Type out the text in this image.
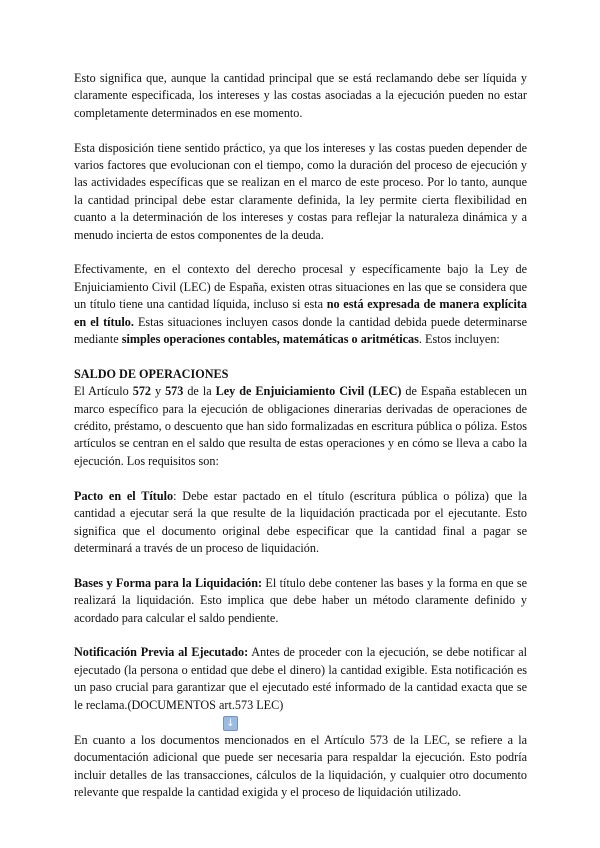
Esto significa que, aunque la cantidad principal que se está reclamando debe ser líquida y claramente especificada, los intereses y las costas asociadas a la ejecución pueden no estar completamente determinados en ese momento.

Esta disposición tiene sentido práctico, ya que los intereses y las costas pueden depender de varios factores que evolucionan con el tiempo, como la duración del proceso de ejecución y las actividades específicas que se realizan en el marco de este proceso. Por lo tanto, aunque la cantidad principal debe estar claramente definida, la ley permite cierta flexibilidad en cuanto a la determinación de los intereses y costas para reflejar la naturaleza dinámica y a menudo incierta de estos componentes de la deuda.

Efectivamente, en el contexto del derecho procesal y específicamente bajo la Ley de Enjuiciamiento Civil (LEC) de España, existen otras situaciones en las que se considera que un título tiene una cantidad líquida, incluso si esta no está expresada de manera explícita en el título. Estas situaciones incluyen casos donde la cantidad debida puede determinarse mediante simples operaciones contables, matemáticas o aritméticas. Estos incluyen:

SALDO DE OPERACIONES

El Artículo 572 y 573 de la Ley de Enjuiciamiento Civil (LEC) de España establecen un marco específico para la ejecución de obligaciones dinerarias derivadas de operaciones de crédito, préstamo, o descuento que han sido formalizadas en escritura pública o póliza. Estos artículos se centran en el saldo que resulta de estas operaciones y en cómo se lleva a cabo la ejecución. Los requisitos son:

Pacto en el Título: Debe estar pactado en el título (escritura pública o póliza) que la cantidad a ejecutar será la que resulte de la liquidación practicada por el ejecutante. Esto significa que el documento original debe especificar que la cantidad final a pagar se determinará a través de un proceso de liquidación.

Bases y Forma para la Liquidación: El título debe contener las bases y la forma en que se realizará la liquidación. Esto implica que debe haber un método claramente definido y acordado para calcular el saldo pendiente.

Notificación Previa al Ejecutado: Antes de proceder con la ejecución, se debe notificar al ejecutado (la persona o entidad que debe el dinero) la cantidad exigible. Esta notificación es un paso crucial para garantizar que el ejecutado esté informado de la cantidad exacta que se le reclama.(DOCUMENTOS art.573 LEC)

↓

En cuanto a los documentos mencionados en el Artículo 573 de la LEC, se refiere a la documentación adicional que puede ser necesaria para respaldar la ejecución. Esto podría incluir detalles de las transacciones, cálculos de la liquidación, y cualquier otro documento relevante que respalde la cantidad exigida y el proceso de liquidación utilizado.
